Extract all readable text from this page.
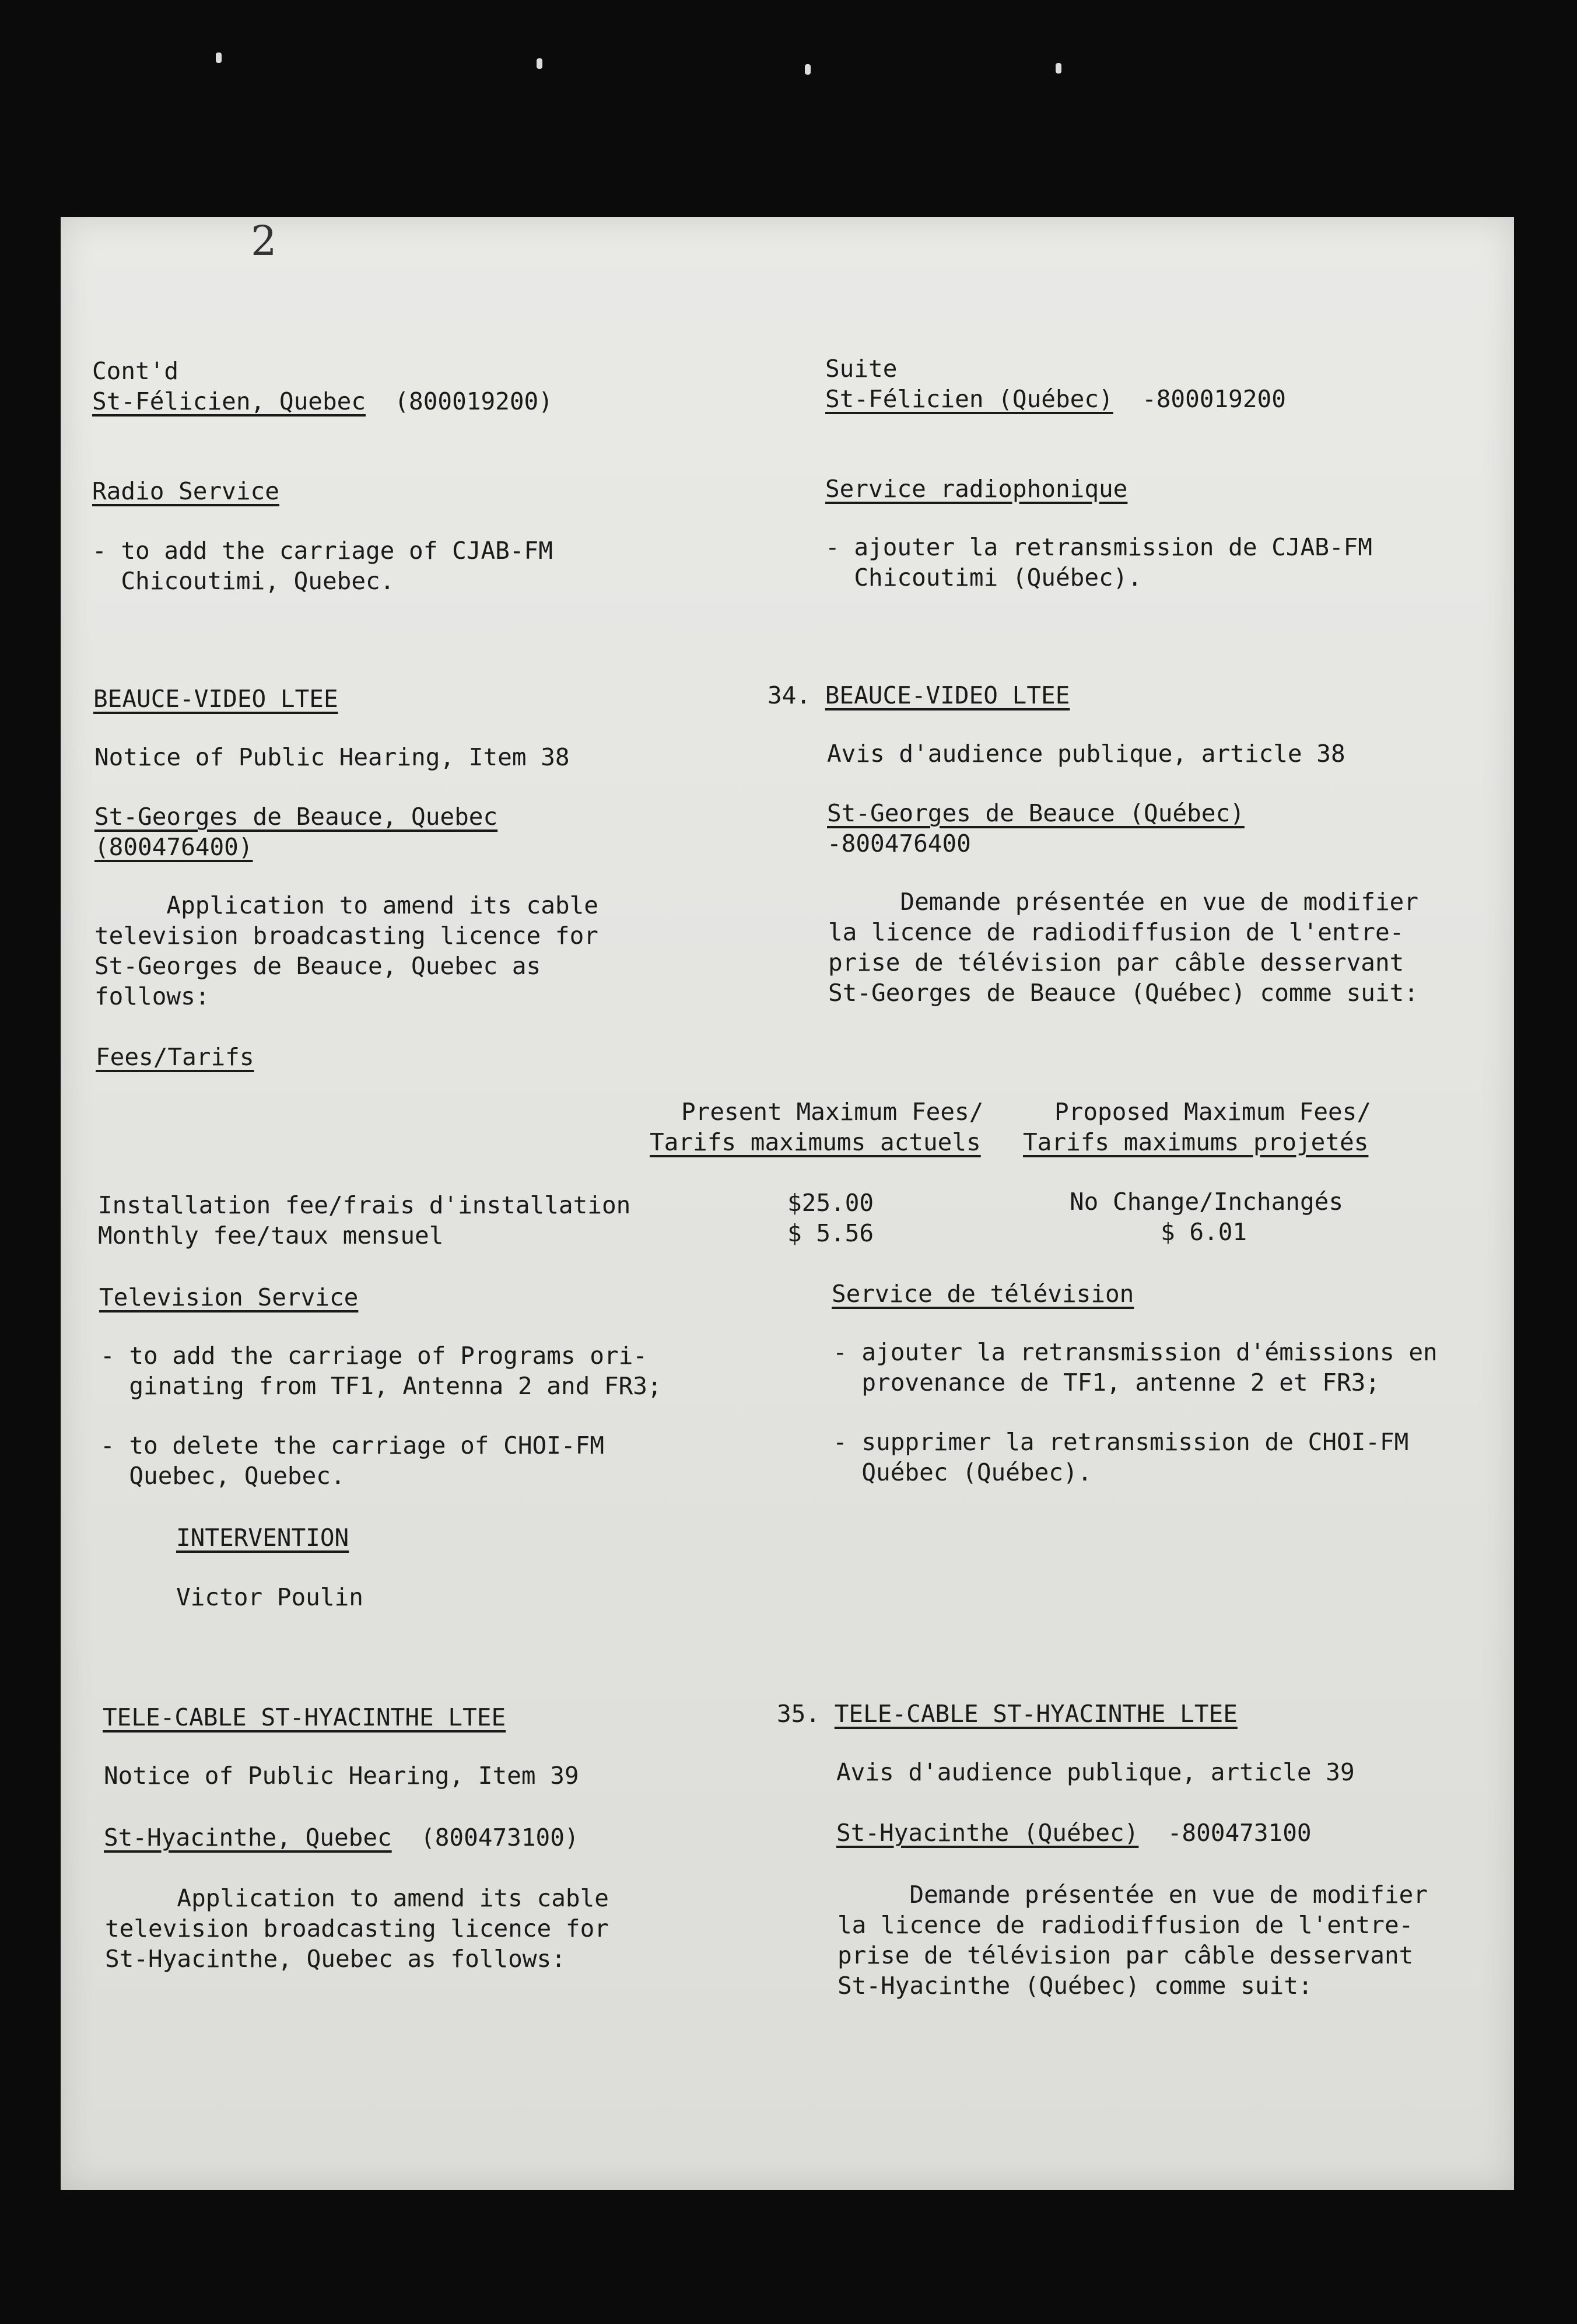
2
Cont'd
St-Félicien, Quebec (800019200)
Suite
St-Félicien (Québec) -800019200
Radio Service	Service radiophonique
- to add the carriage of CJAB-FM
Chicoutimi, Quebec.
- ajouter la retransmission de CJAB-FM
Chicoutimi (Québec).
BEAUCE-VIDEO LTEE	34. BEAUCE-VIDEO LTEE
Notice of Public Hearing, Item 38	Avis d'audience publique, article 38
St-Georges de Beauce, Quebec
(800476400)
St-Georges de Beauce (Québec)
-800476400
Application to amend its cable
television broadcasting licence for
St-Georges de Beauce, Quebec as
follows:
Demande présentée en vue de modifier
la licence de radiodiffusion de l'entre-
prise de télévision par câble desservant
St-Georges de Beauce (Québec) comme suit:
Fees/Tarifs
Present Maximum Fees/
Tarifs maximums actuels
Proposed Maximum Fees/
Tarifs maximums projetés
Installation fee/frais d'installation	$25.00	No Change/Inchangés
Monthly fee/taux mensuel	$ 5.56	$ 6.01
Television Service	Service de télévision
- to add the carriage of Programs ori-
ginating from TF1, Antenna 2 and FR3;
- to delete the carriage of CHOI-FM
Quebec, Quebec.
- ajouter la retransmission d'émissions en
provenance de TF1, antenne 2 et FR3;
- supprimer la retransmission de CHOI-FM
Québec (Québec).
INTERVENTION
Victor Poulin
TELE-CABLE ST-HYACINTHE LTEE	35. TELE-CABLE ST-HYACINTHE LTEE
Notice of Public Hearing, Item 39	Avis d'audience publique, article 39
St-Hyacinthe, Quebec (800473100)	St-Hyacinthe (Québec) -800473100
Application to amend its cable
television broadcasting licence for
St-Hyacinthe, Quebec as follows:
Demande présentée en vue de modifier
la licence de radiodiffusion de l'entre-
prise de télévision par câble desservant
St-Hyacinthe (Québec) comme suit:
